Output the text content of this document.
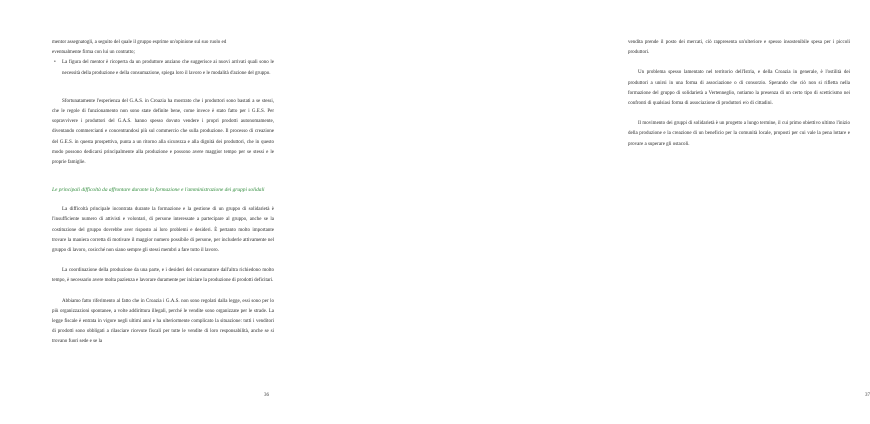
mentor assegnatogli, a seguito del quale il gruppo esprime un'opinione sul suo ruolo ed

eventualmente firma con lui un contratto;

• La figura del mentor è ricoperta da un produttore anziano che suggerisce ai nuovi arrivati quali sono le necessità della produzione e della consumazione, spiega loro il lavoro e le modalità d'azione del gruppo.

Sfortunatamente l'esperienza del G.A.S. in Croazia ha mostrato che i produttori sono bastati a se stessi, che le regole di funzionamento non sono state definite bene, come invece è stato fatto per i G.E.S. Per sopravvivere i produttori del G.A.S. hanno spesso dovuto vendere i propri prodotti autonomamente, diventando commercianti e concentrandosi più sul commercio che sulla produzione. Il processo di creazione del G.E.S. in questa prospettiva, punta a un ritorno alla sicurezza e alla dignità dei produttori, che in questo modo possono dedicarsi principalmente alla produzione e possono avere maggior tempo per se stessi e le proprie famiglie.

Le principali difficoltà da affrontare durante la formazione e l'amministrazione dei gruppi solidali

La difficoltà principale incontrata durante la formazione e la gestione di un gruppo di solidarietà è l'insufficiente numero di attivisti e volontari, di persone interessate a partecipare al gruppo, anche se la costituzione del gruppo dovrebbe aver risposto ai loro problemi e desideri. È pertanto molto importante trovare la maniera corretta di motivare il maggior numero possibile di persone, per includerle attivamente nel gruppo di lavoro, cosicché non siano sempre gli stessi membri a fare tutto il lavoro.

La coordinazione della produzione da una parte, e i desideri del consumatore dall'altra richiedono molto tempo, è necessario avere molta pazienza e lavorare duramente per iniziare la produzione di prodotti deficitari.

Abbiamo fatto riferimento al fatto che in Croazia i G.A.S. non sono regolati dalla legge, essi sono per lo più organizzazioni spontanee, a volte addirittura illegali, perché le vendite sono organizzate per le strade. La legge fiscale è entrata in vigore negli ultimi anni e ha ulteriormente complicato la situazione: tutti i venditori di prodotti sono obbligati a rilasciare ricevute fiscali per tutte le vendite di loro responsabilità, anche se si trovano fuori sede e se la

36

vendita prende il posto dei mercati, ciò rappresenta un'ulteriore e spesso insostenibile spesa per i piccoli produttori.

Un problema spesso lamentato nel territorio dell'Istria, e della Croazia in generale, è l'ostilità dei produttori a unirsi in una forma di associazione o di consorzio. Sperando che ciò non si rifletta nella formazione del gruppo di solidarietà a Vertenneglio, notiamo la presenza di un certo tipo di scetticismo nei confronti di qualsiasi forma di associazione di produttori e/o di cittadini.

Il movimento dei gruppi di solidarietà è un progetto a lungo termine, il cui primo obiettivo ultimo l'inizio della produzione e la creazione di un beneficio per la comunità locale, proposti per cui vale la pena lottare e provare a superare gli ostacoli.

37
